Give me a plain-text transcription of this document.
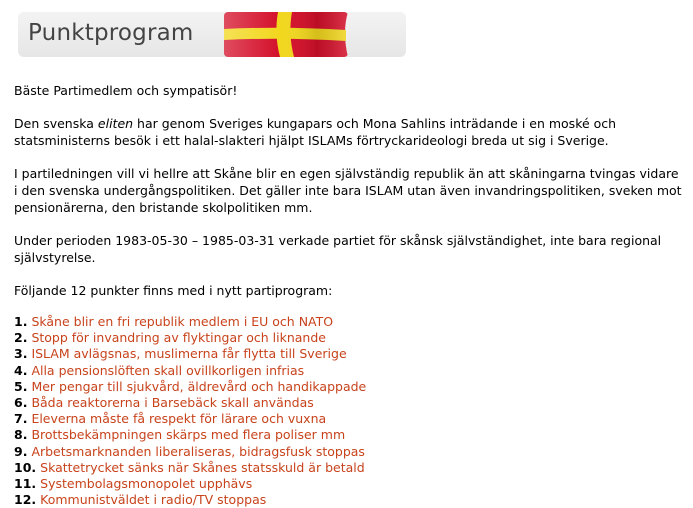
Punktprogram

Bäste Partimedlem och sympatisör!

Den svenska eliten har genom Sveriges kungapars och Mona Sahlins inträdande i en moské och statsministerns besök i ett halal-slakteri hjälpt ISLAMs förtryckarideologi breda ut sig i Sverige.

I partiledningen vill vi hellre att Skåne blir en egen självständig republik än att skåningarna tvingas vidare i den svenska undergångspolitiken. Det gäller inte bara ISLAM utan även invandringspolitiken, sveken mot pensionärerna, den bristande skolpolitiken mm.

Under perioden 1983-05-30 – 1985-03-31 verkade partiet för skånsk självständighet, inte bara regional självstyrelse.

Följande 12 punkter finns med i nytt partiprogram:

1. Skåne blir en fri republik medlem i EU och NATO
2. Stopp för invandring av flyktingar och liknande
3. ISLAM avlägsnas, muslimerna får flytta till Sverige
4. Alla pensionslöften skall ovillkorligen infrias
5. Mer pengar till sjukvård, äldrevård och handikappade
6. Båda reaktorerna i Barsebäck skall användas
7. Eleverna måste få respekt för lärare och vuxna
8. Brottsbekämpningen skärps med flera poliser mm
9. Arbetsmarknanden liberaliseras, bidragsfusk stoppas
10. Skattetrycket sänks när Skånes statsskuld är betald
11. Systembolagsmonopolet upphävs
12. Kommunistväldet i radio/TV stoppas
